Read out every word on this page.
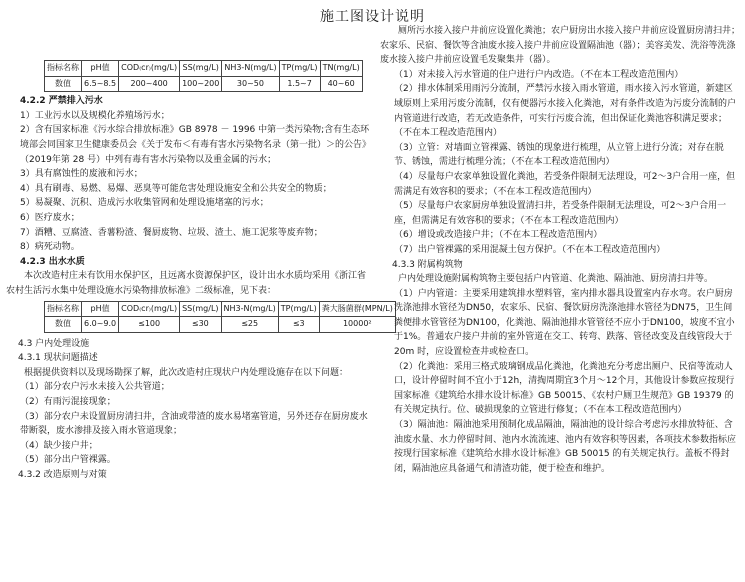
施工图设计说明
指标名称	pH值	COD₍cr₎(mg/L)	SS(mg/L)	NH3-N(mg/L)	TP(mg/L)	TN(mg/L)
数值	6.5~8.5	200~400	100~200	30~50	1.5~7	40~60

4.2.2 严禁排入污水

1）工业污水以及规模化养殖场污水；

2）含有国家标准《污水综合排放标准》GB 8978 － 1996 中第一类污染物;含有生态环境部会同国家卫生健康委员会《关于发布＜有毒有害水污染物名录（第一批）＞的公告》（2019年第 28 号）中列有毒有害水污染物以及重金属的污水；

3）具有腐蚀性的废液和污水；

4）具有刷毒、易燃、易爆、恶臭等可能危害处理设施安全和公共安全的物质；

5）易凝聚、沉积、造成污水收集管网和处理设施堵塞的污水；

6）医疗废水；

7）酒糟、豆腐渣、香薯粉渣、餐厨废物、垃圾、渣土、施工泥浆等废弃物；

8）病死动物。

4.2.3 出水水质

本次改造村庄未有饮用水保护区，且远离水资源保护区，设计出水水质均采用《浙江省农村生活污水集中处理设施水污染物排放标准》二级标准，见下表：

指标名称	pH值	COD₍cr₎(mg/L)	SS(mg/L)	NH3-N(mg/L)	TP(mg/L)	粪大肠菌群(MPN/L)
数值	6.0~9.0	≤100	≤30	≤25	≤3	10000²

4.3 户内处理设施

4.3.1 现状问题描述

根据提供资料以及现场勘探了解，此次改造村庄现状户内处理设施存在以下问题：

（1）部分农户污水未接入公共管道；

（2）有雨污混接现象；

（3）部分农户未设置厨房清扫井，含油或带渣的废水易堵塞管道，另外还存在厨房废水带断裂，废水渗排及接入雨水管道现象；

（4）缺少接户井；

（5）部分出户管裸露。

4.3.2 改造原则与对策

厕所污水接入接户井前应设置化粪池；农户厨房出水接入接户井前应设置厨房清扫井；农家乐、民宿、餐饮等含油废水接入接户井前应设置隔油池（器）；美容美发、洗浴等洗涤废水接入接户井前应设置毛发聚集井（器）。

（1）对未接入污水管道的住户进行户内改造。（不在本工程改造范围内）

（2）排水体制采用雨污分流制，严禁污水接入雨水管道，雨水接入污水管道，新建区域原则上采用污废分流制，仅有便器污水接入化粪池，对有条件改造为污废分流制的户内管道进行改造，若无改造条件，可实行污废合流，但出保证化粪池容积满足要求；（不在本工程改造范围内）

（3）立管：对墙面立管裸露、锈蚀的现象进行梳理，从立管上进行分流；对存在脱节、锈蚀，需进行梳理分流；（不在本工程改造范围内）

（4）尽量每户农家单独设置化粪池，若受条件限制无法理设，可2～3户合用一座，但需满足有效容积的要求；（不在本工程改造范围内）

（5）尽量每户农家厨房单独设置清扫井，若受条件限制无法理设，可2～3户合用一座，但需满足有效容积的要求；（不在本工程改造范围内）

（6）增设或改造接户井；（不在本工程改造范围内）

（7）出户管裸露的采用混凝土包方保护。（不在本工程改造范围内）

4.3.3 附属构筑物

户内处理设施附属构筑物主要包括户内管道、化粪池、隔油池、厨房清扫井等。

（1）户内管道：主要采用建筑排水塑料管，室内排水器具设置室内存水弯。农户厨房洗涤池排水管径为DN50，农家乐、民宿、餐饮厨房洗涤池排水管径为DN75，卫生间粪便排水管管径为DN100，化粪池、隔油池排水管管径不应小于DN100，坡度不宜小于1%。普通农户接户井前的室外管道在交工、转弯、跌落、管径改变及直线管段大于20m 时，应设置检查井或检查口。

（2）化粪池：采用三格式玻璃钢成品化粪池，化粪池充分考虑出厕户、民宿等流动人口，设计停留时间不宜小于12h，清掏周期宜3个月～12个月，其他设计参数应按现行国家标准《建筑给水排水设计标准》GB 50015、《农村户厕卫生规范》GB 19379 的有关规定执行。位、破损现象的立管进行修复；（不在本工程改造范围内）

（3）隔油池：隔油池采用预制化成品隔油，隔油池的设计综合考虑污水排放特征、含油废水量、水力停留时间、池内水流流速、池内有效容积等因素，各项技术参数指标应按现行国家标准《建筑给水排水设计标准》GB 50015 的有关规定执行。盖板不得封闭，隔油池应具备通气和清渣功能，便于检查和维护。
